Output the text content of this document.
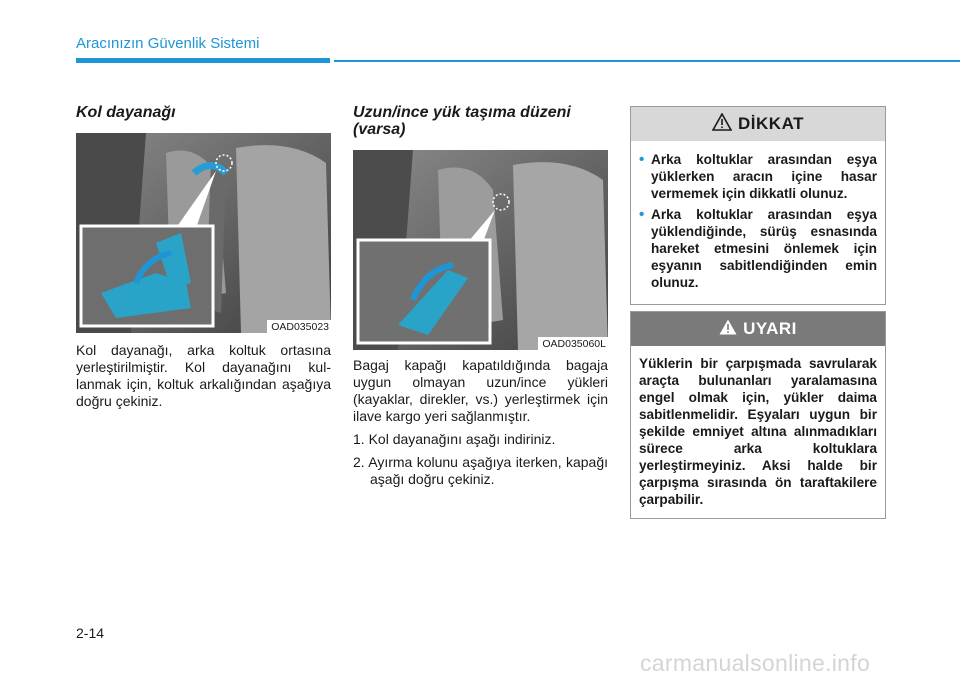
Aracınızın Güvenlik Sistemi
Kol dayanağı
OAD035023

Kol dayanağı, arka koltuk ortasına yerleştirilmiştir. Kol dayanağını kullanmak için, koltuk arkalığından aşağıya doğru çekiniz.

Uzun/ince yük taşıma düzeni (varsa)
OAD035060L

Bagaj kapağı kapatıldığında bagaja uygun olmayan uzun/ince yükleri (kayaklar, direkler, vs.) yerleştirmek için ilave kargo yeri sağlanmıştır.

1. Kol dayanağını aşağı indiriniz.
2. Ayırma kolunu aşağıya iterken, kapağı aşağı doğru çekiniz.
DİKKAT
• Arka koltuklar arasından eşya yüklerken aracın içine hasar vermemek için dikkatli olunuz.
• Arka koltuklar arasından eşya yüklendiğinde, sürüş esnasında hareket etmesini önlemek için eşyanın sabitlendiğinden emin olunuz.
UYARI

Yüklerin bir çarpışmada savrularak araçta bulunanları yaralamasına engel olmak için, yükler daima sabitlenmelidir. Eşyaları uygun bir şekilde emniyet altına alınmadıkları sürece arka koltuklara yerleştirmeyiniz. Aksi halde bir çarpışma sırasında ön taraftakilere çarpabilir.

2-14
carmanualsonline.info
